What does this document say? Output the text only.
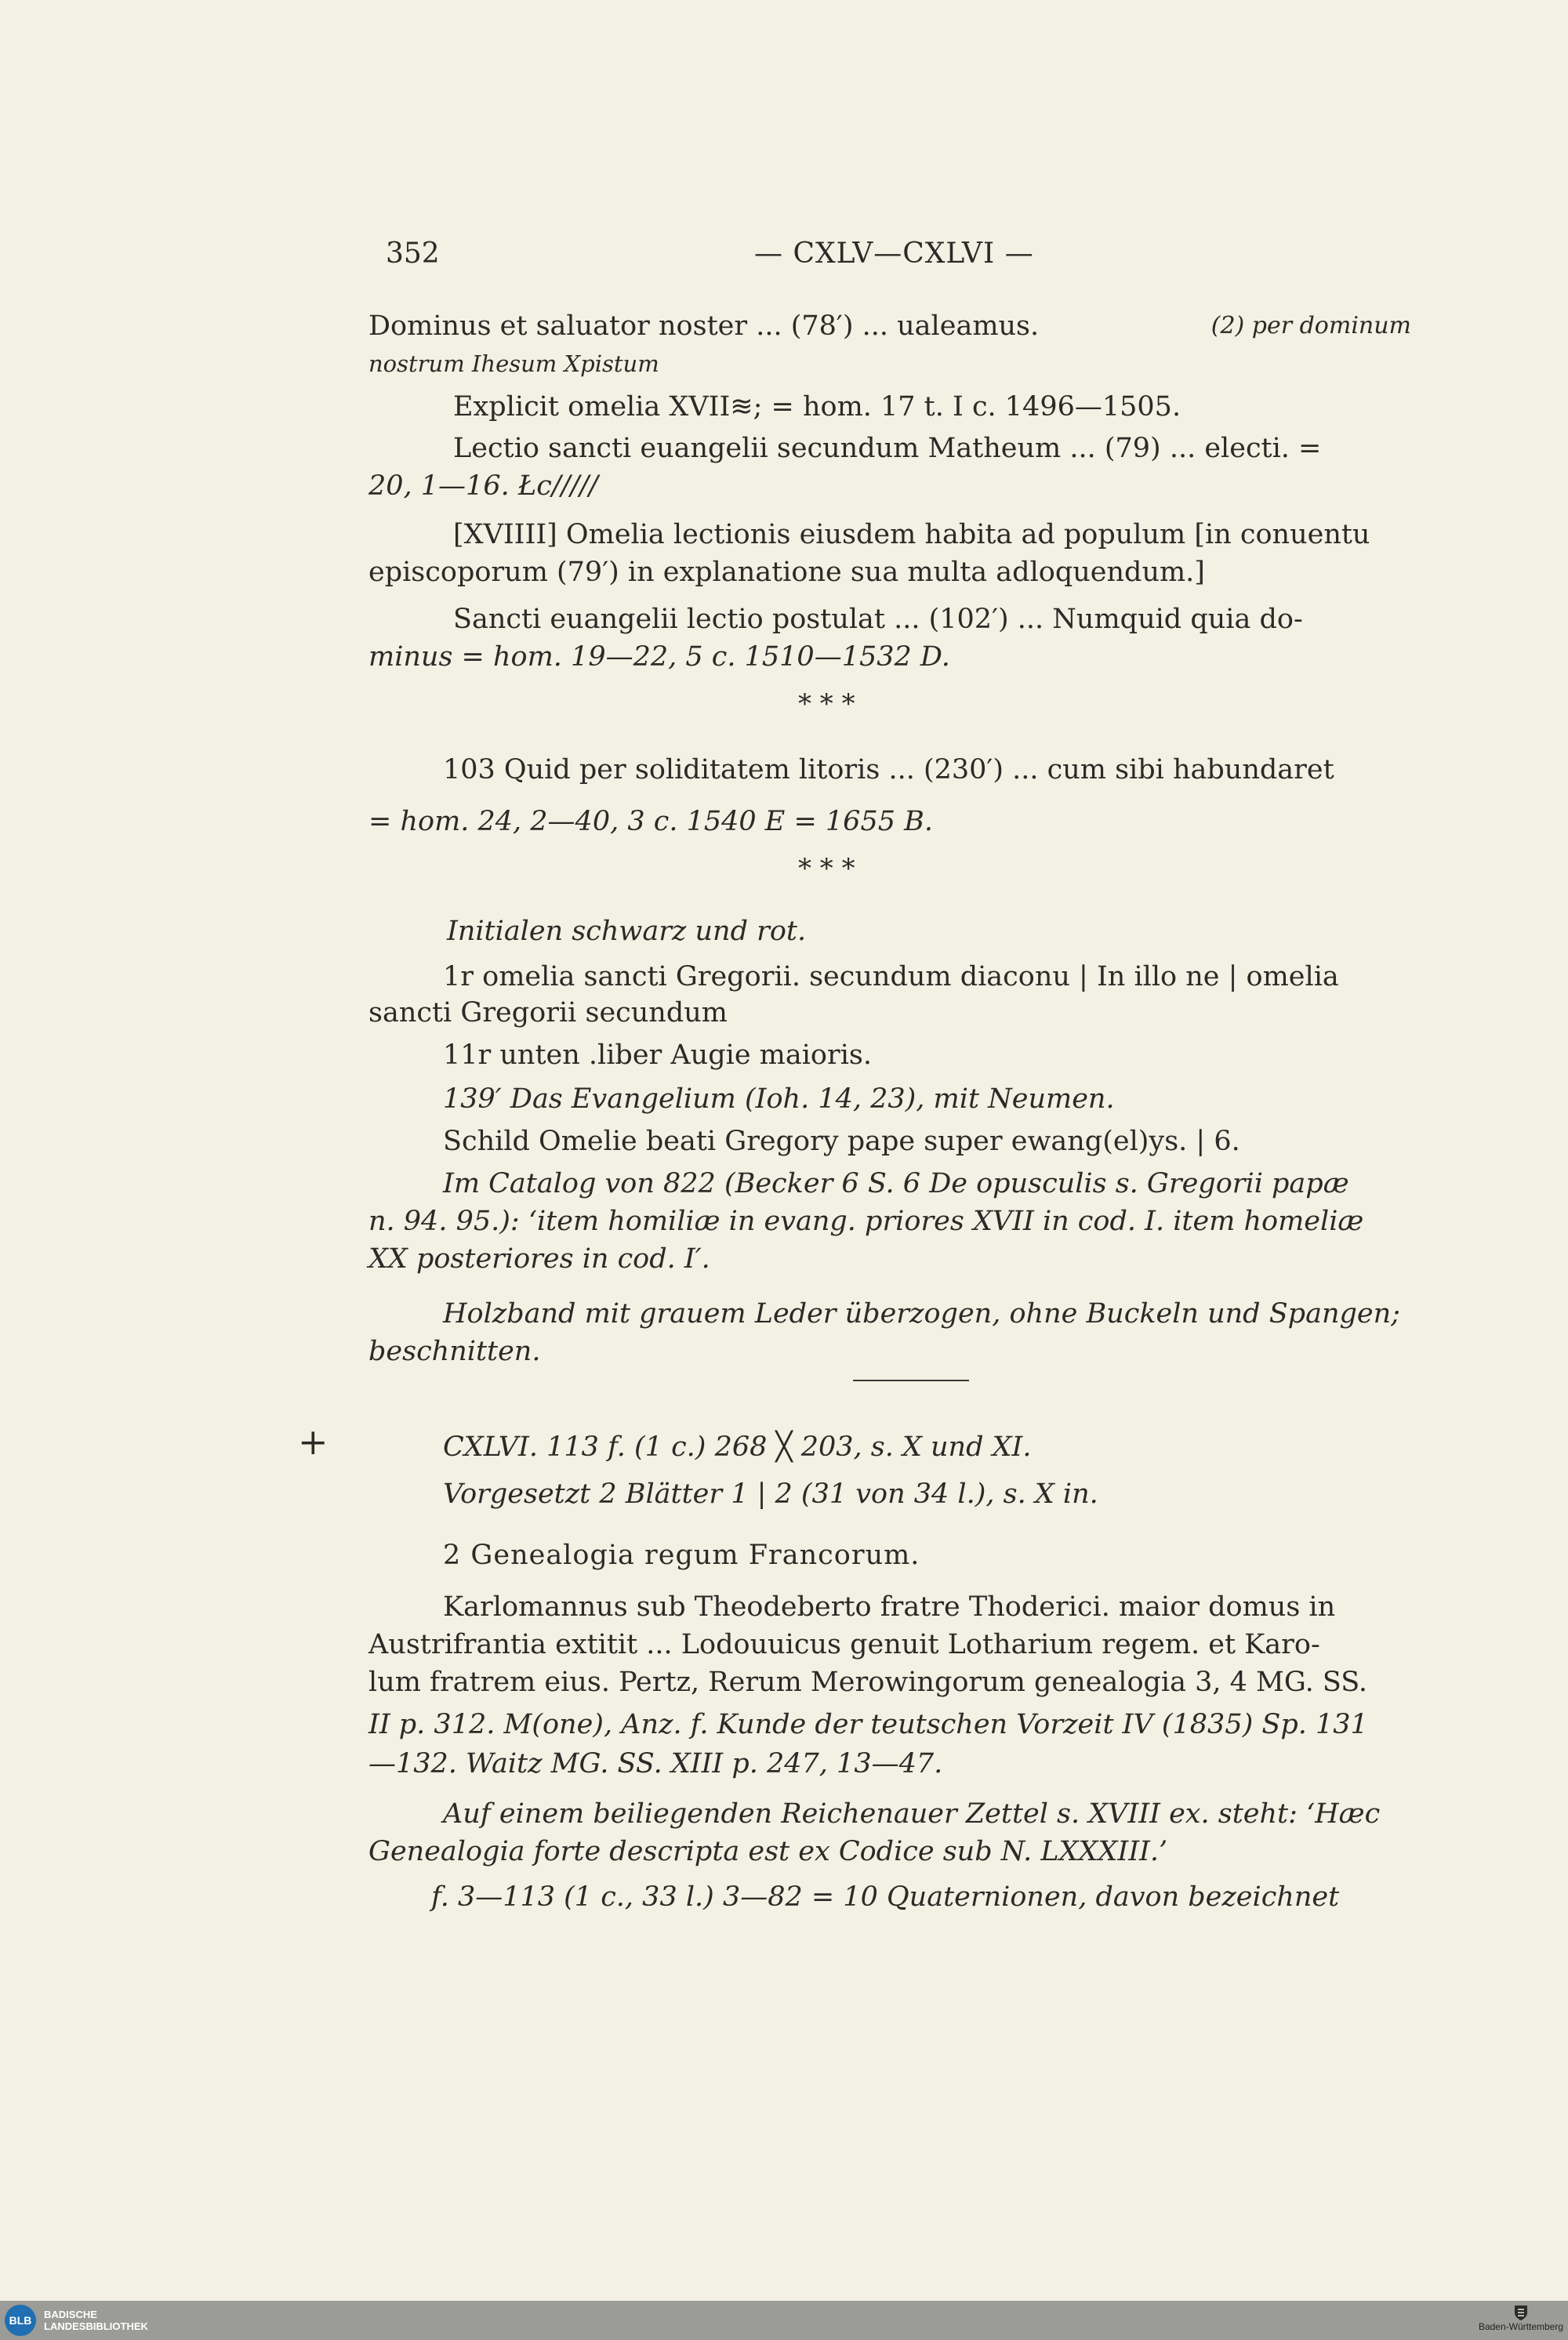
352	— CXLV—CXLVI —
Dominus et saluator noster ... (78′) ... ualeamus.	(2) per dominum
nostrum Ihesum Xpistum
Explicit omelia XVII≋; = hom. 17 t. I c. 1496—1505.
Lectio sancti euangelii secundum Matheum ... (79) ... electi. =
20, 1—16. Łc/////
[XVIIII] Omelia lectionis eiusdem habita ad populum [in conuentu
episcoporum (79′) in explanatione sua multa adloquendum.]
Sancti euangelii lectio postulat ... (102′) ... Numquid quia do-
minus = hom. 19—22, 5 c. 1510—1532 D.
* * *
103 Quid per soliditatem litoris ... (230′) ... cum sibi habundaret
= hom. 24, 2—40, 3 c. 1540 E = 1655 B.
* * *
Initialen schwarz und rot.
1r omelia sancti Gregorii. secundum diaconu | In illo ne | omelia
sancti Gregorii secundum
11r unten .liber Augie maioris.
139′ Das Evangelium (Ioh. 14, 23), mit Neumen.
Schild Omelie beati Gregory pape super ewang(el)ys. | 6.
Im Catalog von 822 (Becker 6 S. 6 De opusculis s. Gregorii papæ
n. 94. 95.): ‘item homiliæ in evang. priores XVII in cod. I. item homeliæ
XX posteriores in cod. I′.
Holzband mit grauem Leder überzogen, ohne Buckeln und Spangen;
beschnitten.
+	CXLVI. 113 f. (1 c.) 268 ╳ 203, s. X und XI.
Vorgesetzt 2 Blätter 1 | 2 (31 von 34 l.), s. X in.
2 Genealogia regum Francorum.
Karlomannus sub Theodeberto fratre Thoderici. maior domus in
Austrifrantia extitit ... Lodouuicus genuit Lotharium regem. et Karo-
lum fratrem eius. Pertz, Rerum Merowingorum genealogia 3, 4 MG. SS.
II p. 312. M(one), Anz. f. Kunde der teutschen Vorzeit IV (1835) Sp. 131
—132. Waitz MG. SS. XIII p. 247, 13—47.
Auf einem beiliegenden Reichenauer Zettel s. XVIII ex. steht: ‘Hæc
Genealogia forte descripta est ex Codice sub N. LXXXIII.’
f. 3—113 (1 c., 33 l.) 3—82 = 10 Quaternionen, davon bezeichnet
BLB	BADISCHE
LANDESBIBLIOTHEK	Baden-Württemberg
